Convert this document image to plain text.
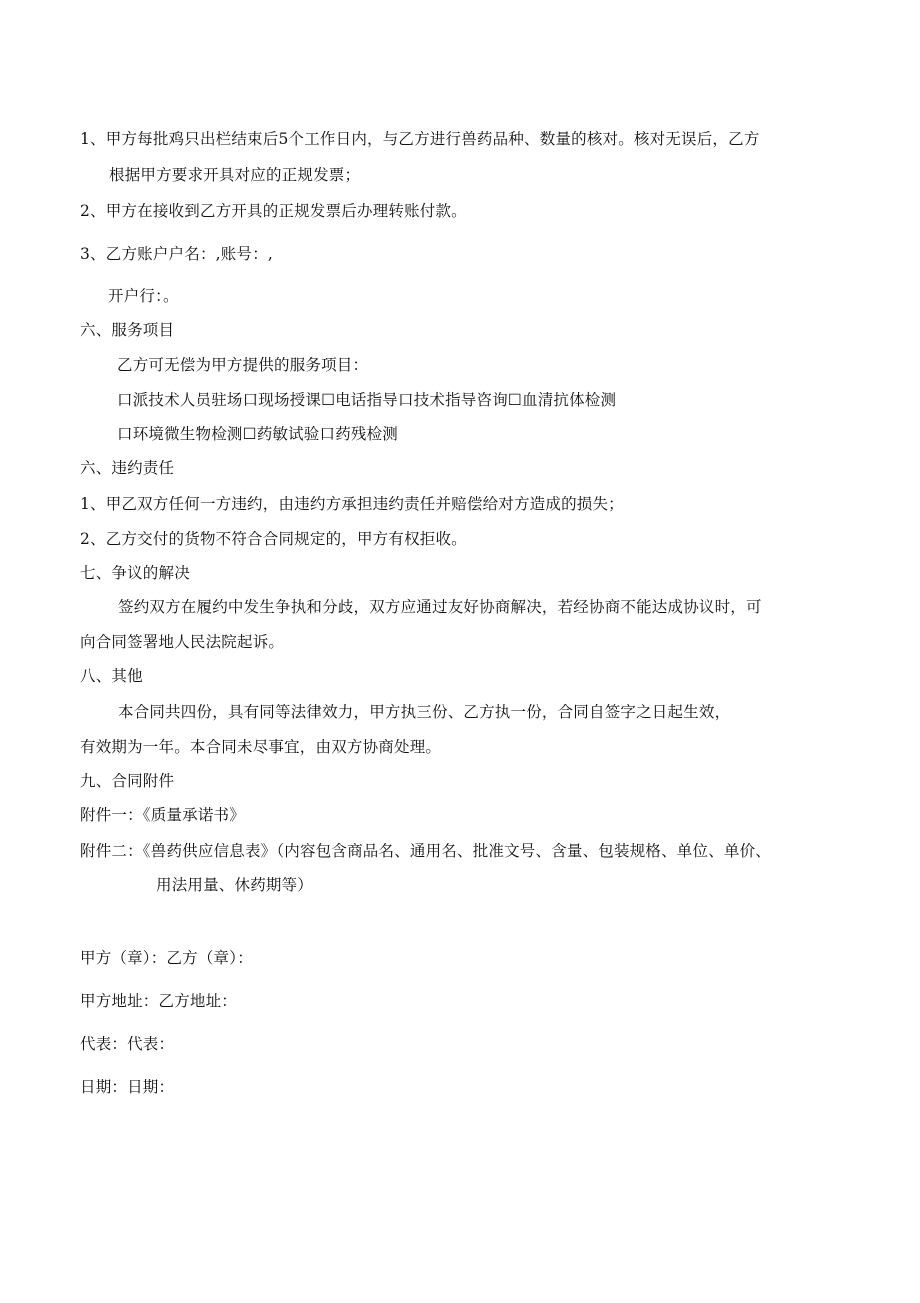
1、甲方每批鸡只出栏结束后5个工作日内，与乙方进行兽药品种、数量的核对。核对无误后，乙方

根据甲方要求开具对应的正规发票；

2、甲方在接收到乙方开具的正规发票后办理转账付款。

3、乙方账户户名：,账号：,

开户行：。

六、服务项目

乙方可无偿为甲方提供的服务项目：

口派技术人员驻场口现场授课☐电话指导口技术指导咨询☐血清抗体检测

口环境微生物检测☐药敏试验口药残检测

六、违约责任

1、甲乙双方任何一方违约，由违约方承担违约责任并赔偿给对方造成的损失；

2、乙方交付的货物不符合合同规定的，甲方有权拒收。

七、争议的解决

签约双方在履约中发生争执和分歧，双方应通过友好协商解决，若经协商不能达成协议时，可

向合同签署地人民法院起诉。

八、其他

本合同共四份，具有同等法律效力，甲方执三份、乙方执一份，合同自签字之日起生效，

有效期为一年。本合同未尽事宜，由双方协商处理。

九、合同附件

附件一：《质量承诺书》

附件二：《兽药供应信息表》（内容包含商品名、通用名、批准文号、含量、包装规格、单位、单价、

用法用量、休药期等）

甲方（章）：乙方（章）：

甲方地址：乙方地址：

代表：代表：

日期：日期：
